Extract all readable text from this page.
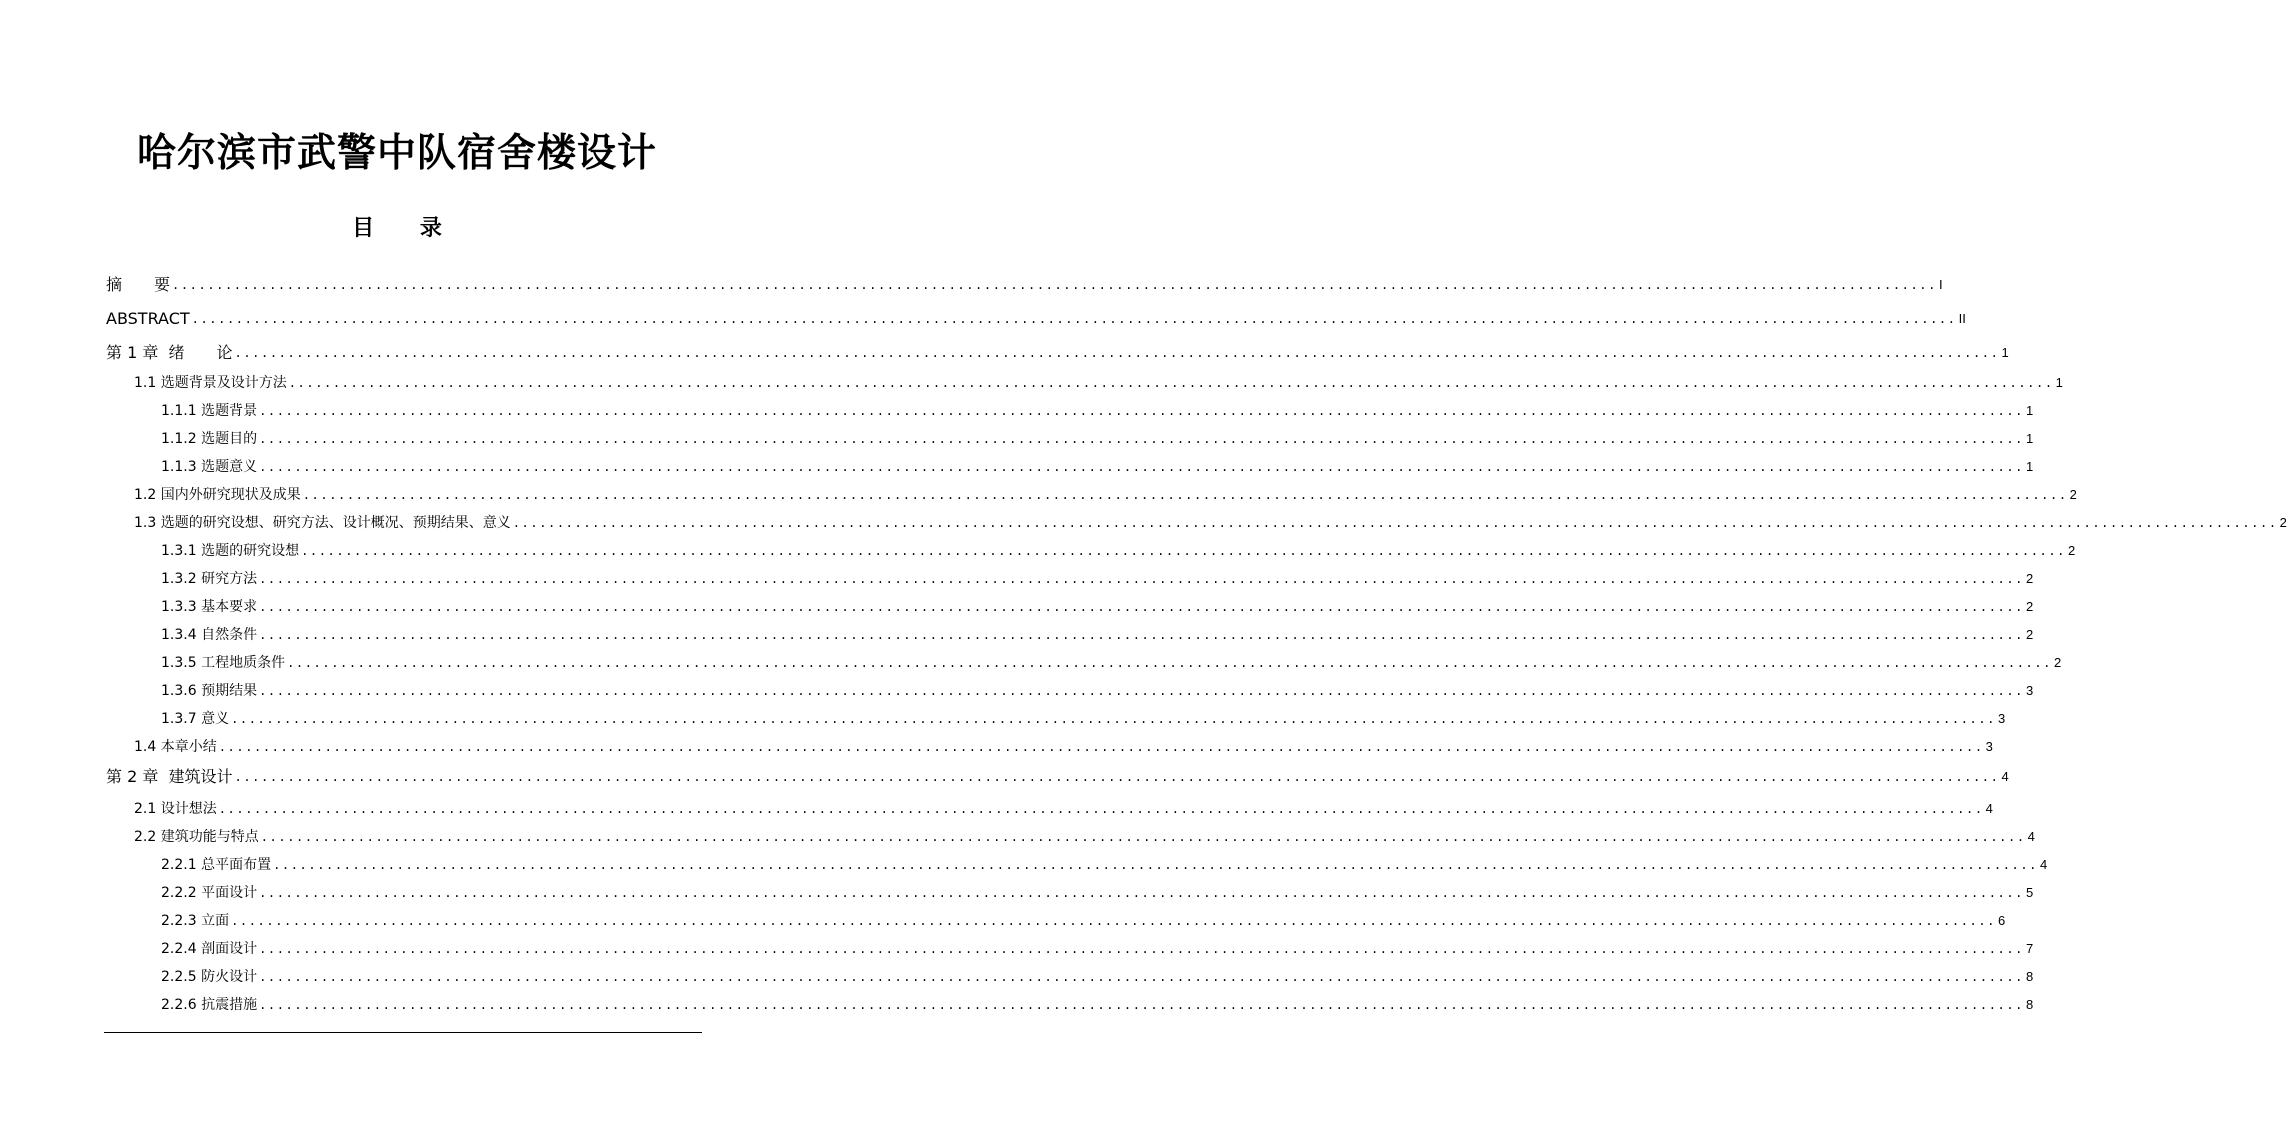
哈尔滨市武警中队宿舍楼设计
目 录
摘　　要 ........................................................................................................................................................................................................ I
ABSTRACT ........................................................................................................................................................................................................ II
第 1 章  绪　　论 ........................................................................................................................................................................................................ 1
1.1 选题背景及设计方法 ........................................................................................................................................................................................................ 1
1.1.1 选题背景 ........................................................................................................................................................................................................ 1
1.1.2 选题目的 ........................................................................................................................................................................................................ 1
1.1.3 选题意义 ........................................................................................................................................................................................................ 1
1.2 国内外研究现状及成果 ........................................................................................................................................................................................................ 2
1.3 选题的研究设想、研究方法、设计概况、预期结果、意义 ........................................................................................................................................................................................................ 2
1.3.1 选题的研究设想 ........................................................................................................................................................................................................ 2
1.3.2 研究方法 ........................................................................................................................................................................................................ 2
1.3.3 基本要求 ........................................................................................................................................................................................................ 2
1.3.4 自然条件 ........................................................................................................................................................................................................ 2
1.3.5 工程地质条件 ........................................................................................................................................................................................................ 2
1.3.6 预期结果 ........................................................................................................................................................................................................ 3
1.3.7 意义 ........................................................................................................................................................................................................ 3
1.4 本章小结 ........................................................................................................................................................................................................ 3
第 2 章  建筑设计 ........................................................................................................................................................................................................ 4
2.1 设计想法 ........................................................................................................................................................................................................ 4
2.2 建筑功能与特点 ........................................................................................................................................................................................................ 4
2.2.1 总平面布置 ........................................................................................................................................................................................................ 4
2.2.2 平面设计 ........................................................................................................................................................................................................ 5
2.2.3 立面 ........................................................................................................................................................................................................ 6
2.2.4 剖面设计 ........................................................................................................................................................................................................ 7
2.2.5 防火设计 ........................................................................................................................................................................................................ 8
2.2.6 抗震措施 ........................................................................................................................................................................................................ 8
